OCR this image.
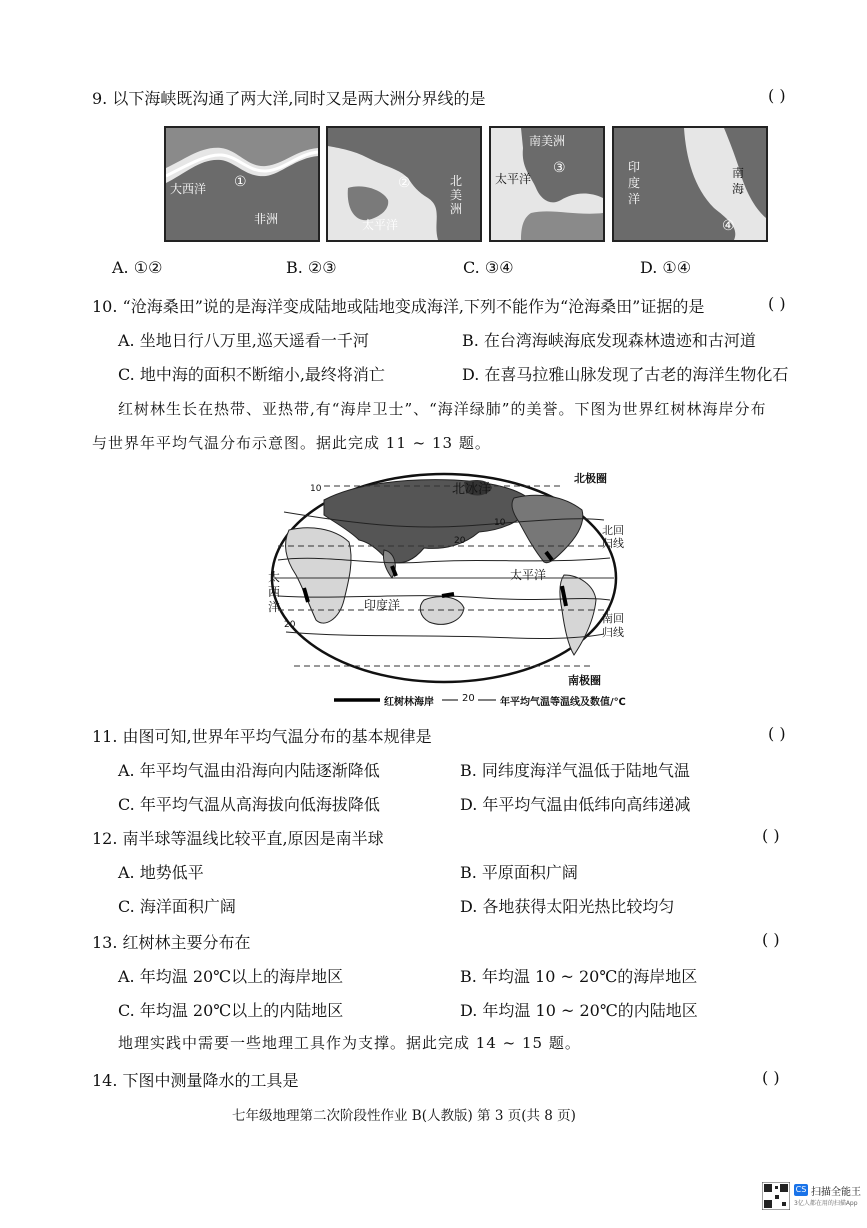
9. 以下海峡既沟通了两大洋,同时又是两大洲分界线的是	( )
大西洋 ①
非洲
②	北
美
洲
太平洋
南美洲
③
太平洋
印
度
洋
南
海
④
A. ①②	B. ②③	C. ③④	D. ①④
10. “沧海桑田”说的是海洋变成陆地或陆地变成海洋,下列不能作为“沧海桑田”证据的是	( )
A. 坐地日行八万里,巡天遥看一千河	B. 在台湾海峡海底发现森林遗迹和古河道
C. 地中海的面积不断缩小,最终将消亡	D. 在喜马拉雅山脉发现了古老的海洋生物化石
红树林生长在热带、亚热带,有“海岸卫士”、“海洋绿肺”的美誉。下图为世界红树林海岸分布
与世界年平均气温分布示意图。据此完成 11 ~ 13 题。
北冰洋
北极圈
北回
归线
太平洋
太
西
洋	印度洋
南回
归线
南极圈
10
20
20
10
红树林海岸	20	年平均气温等温线及数值/℃
11. 由图可知,世界年平均气温分布的基本规律是	( )
A. 年平均气温由沿海向内陆逐渐降低	B. 同纬度海洋气温低于陆地气温
C. 年平均气温从高海拔向低海拔降低	D. 年平均气温由低纬向高纬递减
12. 南半球等温线比较平直,原因是南半球	( )
A. 地势低平	B. 平原面积广阔
C. 海洋面积广阔	D. 各地获得太阳光热比较均匀
13. 红树林主要分布在	( )
A. 年均温 20℃以上的海岸地区	B. 年均温 10 ~ 20℃的海岸地区
C. 年均温 20℃以上的内陆地区	D. 年均温 10 ~ 20℃的内陆地区
地理实践中需要一些地理工具作为支撑。据此完成 14 ~ 15 题。
14. 下图中测量降水的工具是	( )
七年级地理第二次阶段性作业 B(人教版) 第 3 页(共 8 页)
CS 扫描全能王
3亿人都在用的扫描App
